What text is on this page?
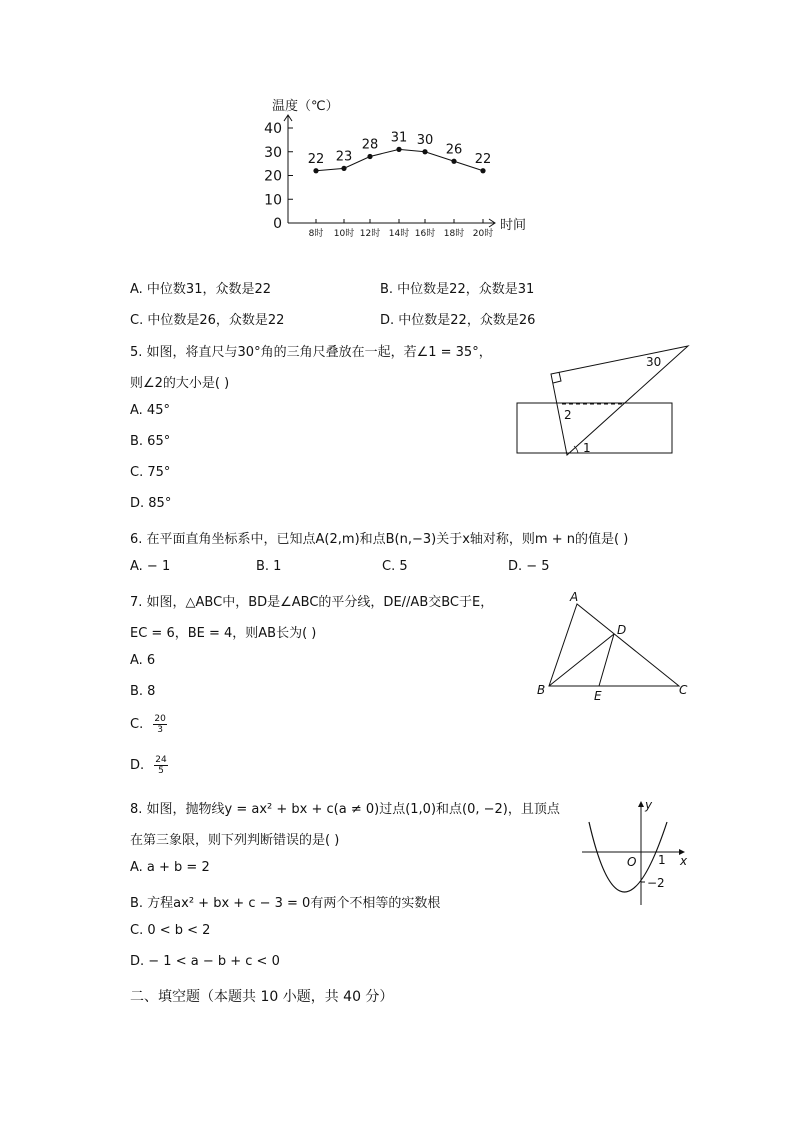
温度（℃）
时间
0
10
20
30
40
8时 10时 12时 14时 16时 18时 20时
22 23
28 31 30
26
22
A. 中位数31，众数是22	B. 中位数是22，众数是31
C. 中位数是26，众数是22	D. 中位数是22，众数是26
5. 如图，将直尺与30°角的三角尺叠放在一起，若∠1 = 35°，
则∠2的大小是( )
A. 45°
B. 65°
C. 75°
D. 85°
30
1
2
6. 在平面直角坐标系中，已知点A(2,m)和点B(n,−3)关于x轴对称，则m + n的值是( )
A. − 1	B. 1	C. 5	D. − 5
7. 如图，△ABC中，BD是∠ABC的平分线，DE//AB交BC于E，
EC = 6，BE = 4，则AB长为( )
A. 6
B. 8
C. $\frac{20}{3}$
D. $\frac{24}{5}$
A
B	C
D
E
8. 如图，抛物线y = ax² + bx + c(a ≠ 0)过点(1,0)和点(0, −2)，且顶点
在第三象限，则下列判断错误的是( )
A. a + b = 2
B. 方程ax² + bx + c − 3 = 0有两个不相等的实数根
C. 0 < b < 2
D. − 1 < a − b + c < 0
y
x
O 1
−2
二、填空题（本题共 10 小题，共 40 分）
